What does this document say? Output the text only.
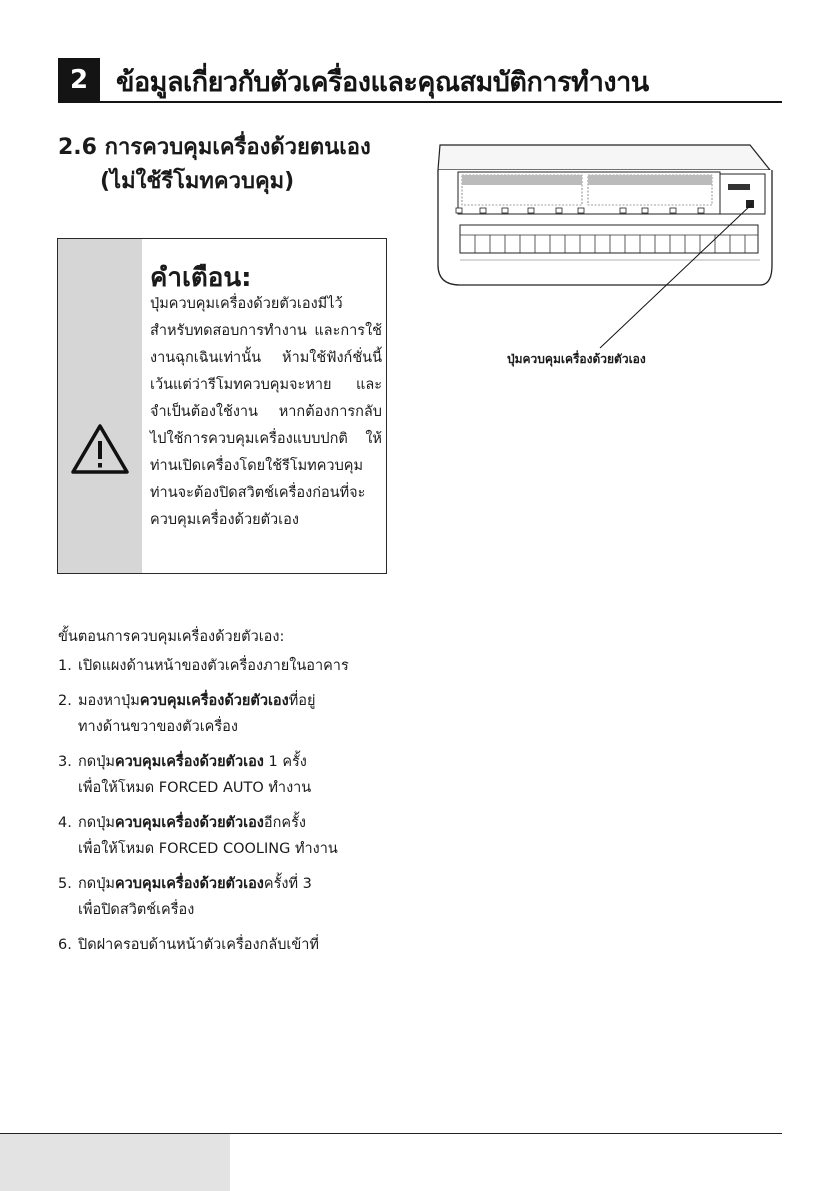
2	ข้อมูลเกี่ยวกับตัวเครื่องและคุณสมบัติการทำงาน
2.6 การควบคุมเครื่องด้วยตนเอง
(ไม่ใช้รีโมทควบคุม)
คำเตือน:
ปุ่มควบคุมเครื่องด้วยตัวเองมีไว้สำหรับทดสอบการทำงาน และการใช้งานฉุกเฉินเท่านั้น ห้ามใช้ฟังก์ชั่นนี้ เว้นแต่ว่ารีโมทควบคุมจะหาย และจำเป็นต้องใช้งาน หากต้องการกลับไปใช้การควบคุมเครื่องแบบปกติ ให้ท่านเปิดเครื่องโดยใช้รีโมทควบคุม ท่านจะต้องปิดสวิตช์เครื่องก่อนที่จะควบคุมเครื่องด้วยตัวเอง
ปุ่มควบคุมเครื่องด้วยตัวเอง
ขั้นตอนการควบคุมเครื่องด้วยตัวเอง:
1. เปิดแผงด้านหน้าของตัวเครื่องภายในอาคาร
2. มองหาปุ่มควบคุมเครื่องด้วยตัวเองที่อยู่
ทางด้านขวาของตัวเครื่อง
3. กดปุ่มควบคุมเครื่องด้วยตัวเอง 1 ครั้ง
เพื่อให้โหมด FORCED AUTO ทำงาน
4. กดปุ่มควบคุมเครื่องด้วยตัวเองอีกครั้ง
เพื่อให้โหมด FORCED COOLING ทำงาน
5. กดปุ่มควบคุมเครื่องด้วยตัวเองครั้งที่ 3
เพื่อปิดสวิตช์เครื่อง
6. ปิดฝาครอบด้านหน้าตัวเครื่องกลับเข้าที่
